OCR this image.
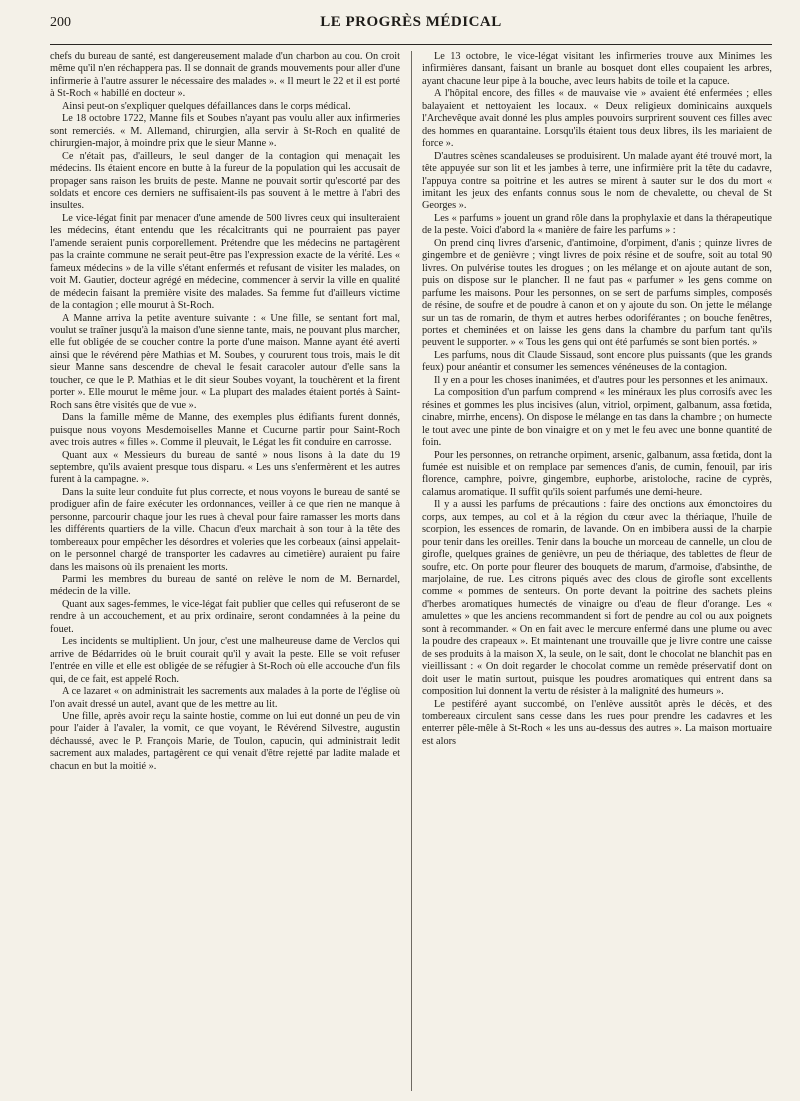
200	LE PROGRÈS MÉDICAL

chefs du bureau de santé, est dangereusement malade d'un charbon au cou. On croit même qu'il n'en réchappera pas. Il se donnait de grands mouvements pour aller d'une infirmerie à l'autre assurer le nécessaire des malades ». « Il meurt le 22 et il est porté à St-Roch « habillé en docteur ».

Ainsi peut-on s'expliquer quelques défaillances dans le corps médical.

Le 18 octobre 1722, Manne fils et Soubes n'ayant pas voulu aller aux infirmeries sont remerciés. « M. Allemand, chirurgien, alla servir à St-Roch en qualité de chirurgien-major, à moindre prix que le sieur Manne ».

Ce n'était pas, d'ailleurs, le seul danger de la contagion qui menaçait les médecins. Ils étaient encore en butte à la fureur de la population qui les accusait de propager sans raison les bruits de peste. Manne ne pouvait sortir qu'escorté par des soldats et encore ces derniers ne suffisaient-ils pas souvent à le mettre à l'abri des insultes.

Le vice-légat finit par menacer d'une amende de 500 livres ceux qui insulteraient les médecins, étant entendu que les récalcitrants qui ne pourraient pas payer l'amende seraient punis corporellement. Prétendre que les médecins ne partagèrent pas la crainte commune ne serait peut-être pas l'expression exacte de la vérité. Les « fameux médecins » de la ville s'étant enfermés et refusant de visiter les malades, on voit M. Gautier, docteur agrégé en médecine, commencer à servir la ville en qualité de médecin faisant la première visite des malades. Sa femme fut d'ailleurs victime de la contagion ; elle mourut à St-Roch.

A Manne arriva la petite aventure suivante : « Une fille, se sentant fort mal, voulut se traîner jusqu'à la maison d'une sienne tante, mais, ne pouvant plus marcher, elle fut obligée de se coucher contre la porte d'une maison. Manne ayant été averti ainsi que le révérend père Mathias et M. Soubes, y coururent tous trois, mais le dit sieur Manne sans descendre de cheval le fesait caracoler autour d'elle sans la toucher, ce que le P. Mathias et le dit sieur Soubes voyant, la touchèrent et la firent porter ». Elle mourut le même jour. « La plupart des malades étaient portés à Saint-Roch sans être visités que de vue ».

Dans la famille même de Manne, des exemples plus édifiants furent donnés, puisque nous voyons Mesdemoiselles Manne et Cucurne partir pour Saint-Roch avec trois autres « filles ». Comme il pleuvait, le Légat les fit conduire en carrosse.

Quant aux « Messieurs du bureau de santé » nous lisons à la date du 19 septembre, qu'ils avaient presque tous disparu. « Les uns s'enfermèrent et les autres furent à la campagne. ».

Dans la suite leur conduite fut plus correcte, et nous voyons le bureau de santé se prodiguer afin de faire exécuter les ordonnances, veiller à ce que rien ne manque à personne, parcourir chaque jour les rues à cheval pour faire ramasser les morts dans les différents quartiers de la ville. Chacun d'eux marchait à son tour à la tête des tombereaux pour empêcher les désordres et voleries que les corbeaux (ainsi appelait-on le personnel chargé de transporter les cadavres au cimetière) auraient pu faire dans les maisons où ils prenaient les morts.

Parmi les membres du bureau de santé on relève le nom de M. Bernardel, médecin de la ville.

Quant aux sages-femmes, le vice-légat fait publier que celles qui refuseront de se rendre à un accouchement, et au prix ordinaire, seront condamnées à la peine du fouet.

Les incidents se multiplient. Un jour, c'est une malheureuse dame de Verclos qui arrive de Bédarrides où le bruit courait qu'il y avait la peste. Elle se voit refuser l'entrée en ville et elle est obligée de se réfugier à St-Roch où elle accouche d'un fils qui, de ce fait, est appelé Roch.

A ce lazaret « on administrait les sacrements aux malades à la porte de l'église où l'on avait dressé un autel, avant que de les mettre au lit.

Une fille, après avoir reçu la sainte hostie, comme on lui eut donné un peu de vin pour l'aider à l'avaler, la vomit, ce que voyant, le Révérend Silvestre, augustin déchaussé, avec le P. François Marie, de Toulon, capucin, qui administrait ledit sacrement aux malades, partagèrent ce qui venait d'être rejetté par ladite malade et chacun en but la moitié ».

Le 13 octobre, le vice-légat visitant les infirmeries trouve aux Minimes les infirmières dansant, faisant un branle au bosquet dont elles coupaient les arbres, ayant chacune leur pipe à la bouche, avec leurs habits de toile et la capuce.

A l'hôpital encore, des filles « de mauvaise vie » avaient été enfermées ; elles balayaient et nettoyaient les locaux. « Deux religieux dominicains auxquels l'Archevêque avait donné les plus amples pouvoirs surprirent souvent ces filles avec des hommes en quarantaine. Lorsqu'ils étaient tous deux libres, ils les mariaient de force ».

D'autres scènes scandaleuses se produisirent. Un malade ayant été trouvé mort, la tête appuyée sur son lit et les jambes à terre, une infirmière prit la tête du cadavre, l'appuya contre sa poitrine et les autres se mirent à sauter sur le dos du mort « imitant les jeux des enfants connus sous le nom de chevalette, ou cheval de St Georges ».

Les « parfums » jouent un grand rôle dans la prophylaxie et dans la thérapeutique de la peste. Voici d'abord la « manière de faire les parfums » :

On prend cinq livres d'arsenic, d'antimoine, d'orpiment, d'anis ; quinze livres de gingembre et de genièvre ; vingt livres de poix résine et de soufre, soit au total 90 livres. On pulvérise toutes les drogues ; on les mélange et on ajoute autant de son, puis on dispose sur le plancher. Il ne faut pas « parfumer » les gens comme on parfume les maisons. Pour les personnes, on se sert de parfums simples, composés de résine, de soufre et de poudre à canon et on y ajoute du son. On jette le mélange sur un tas de romarin, de thym et autres herbes odoriférantes ; on bouche fenêtres, portes et cheminées et on laisse les gens dans la chambre du parfum tant qu'ils peuvent le supporter. » « Tous les gens qui ont été parfumés se sont bien portés. »

Les parfums, nous dit Claude Sissaud, sont encore plus puissants (que les grands feux) pour anéantir et consumer les semences vénéneuses de la contagion.

Il y en a pour les choses inanimées, et d'autres pour les personnes et les animaux.

La composition d'un parfum comprend « les minéraux les plus corrosifs avec les résines et gommes les plus incisives (alun, vitriol, orpiment, galbanum, assa fœtida, cinabre, mirrhe, encens). On dispose le mélange en tas dans la chambre ; on humecte le tout avec une pinte de bon vinaigre et on y met le feu avec une bonne quantité de foin.

Pour les personnes, on retranche orpiment, arsenic, galbanum, assa fœtida, dont la fumée est nuisible et on remplace par semences d'anis, de cumin, fenouil, par iris florence, camphre, poivre, gingembre, euphorbe, aristoloche, racine de cyprès, calamus aromatique. Il suffit qu'ils soient parfumés une demi-heure.

Il y a aussi les parfums de précautions : faire des onctions aux émonctoires du corps, aux tempes, au col et à la région du cœur avec la thériaque, l'huile de scorpion, les essences de romarin, de lavande. On en imbibera aussi de la charpie pour tenir dans les oreilles. Tenir dans la bouche un morceau de cannelle, un clou de girofle, quelques graines de genièvre, un peu de thériaque, des tablettes de fleur de soufre, etc. On porte pour fleurer des bouquets de marum, d'armoise, d'absinthe, de marjolaine, de rue. Les citrons piqués avec des clous de girofle sont excellents comme « pommes de senteurs. On porte devant la poitrine des sachets pleins d'herbes aromatiques humectés de vinaigre ou d'eau de fleur d'orange. Les « amulettes » que les anciens recommandent si fort de pendre au col ou aux poignets sont à recommander. « On en fait avec le mercure enfermé dans une plume ou avec la poudre des crapeaux ». Et maintenant une trouvaille que je livre contre une caisse de ses produits à la maison X, la seule, on le sait, dont le chocolat ne blanchit pas en vieillissant : « On doit regarder le chocolat comme un remède préservatif dont on doit user le matin surtout, puisque les poudres aromatiques qui entrent dans sa composition lui donnent la vertu de résister à la malignité des humeurs ».

Le pestiféré ayant succombé, on l'enlève aussitôt après le décès, et des tombereaux circulent sans cesse dans les rues pour prendre les cadavres et les enterrer pêle-mêle à St-Roch « les uns au-dessus des autres ». La maison mortuaire est alors
